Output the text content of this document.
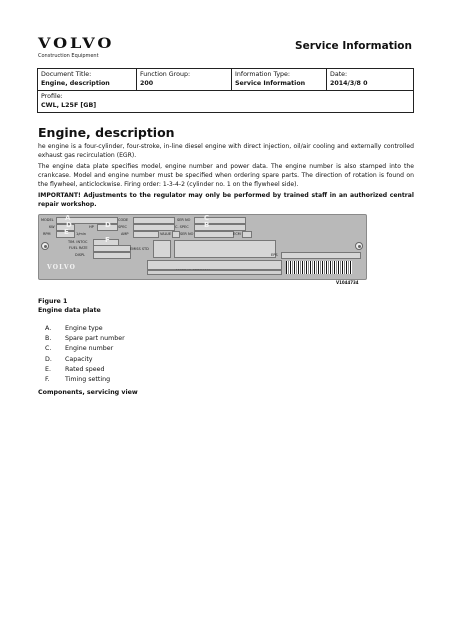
VOLVO
Construction Equipment
Service Information
Document Title:
Engine, description

Function Group:
200

Information Type:
Service Information

Date:
2014/3/8 0

Profile:
CWL, L25F [GB]
Engine, description

he engine is a four-cylinder, four-stroke, in-line diesel engine with direct injection, oil/air cooling and externally controlled exhaust gas recirculation (EGR).

The engine data plate specifies model, engine number and power data. The engine number is also stamped into the crankcase. Model and engine number must be specified when ordering spare parts. The direction of rotation is found on the flywheel, anticlockwise. Firing order: 1-3-4-2 (cylinder no. 1 on the flywheel side).

IMPORTANT! Adjustments to the regulator may only be performed by trained staff in an authorized central repair workshop.

MODEL A
KW	HP
D	D
RPM	1/min
E
CODE
SPEC
AMP
SER NO C
C. SPEC B
VALUE	SER NO	ECM
TIM. INTOC	F
FUEL RATE
DISPL
EMISS STD
EPS
VOLVO
V1044734
Figure 1
Engine data plate
A.	Engine type
B.	Spare part number
C.	Engine number
D.	Capacity
E.	Rated speed
F.	Timing setting
Components, servicing view
